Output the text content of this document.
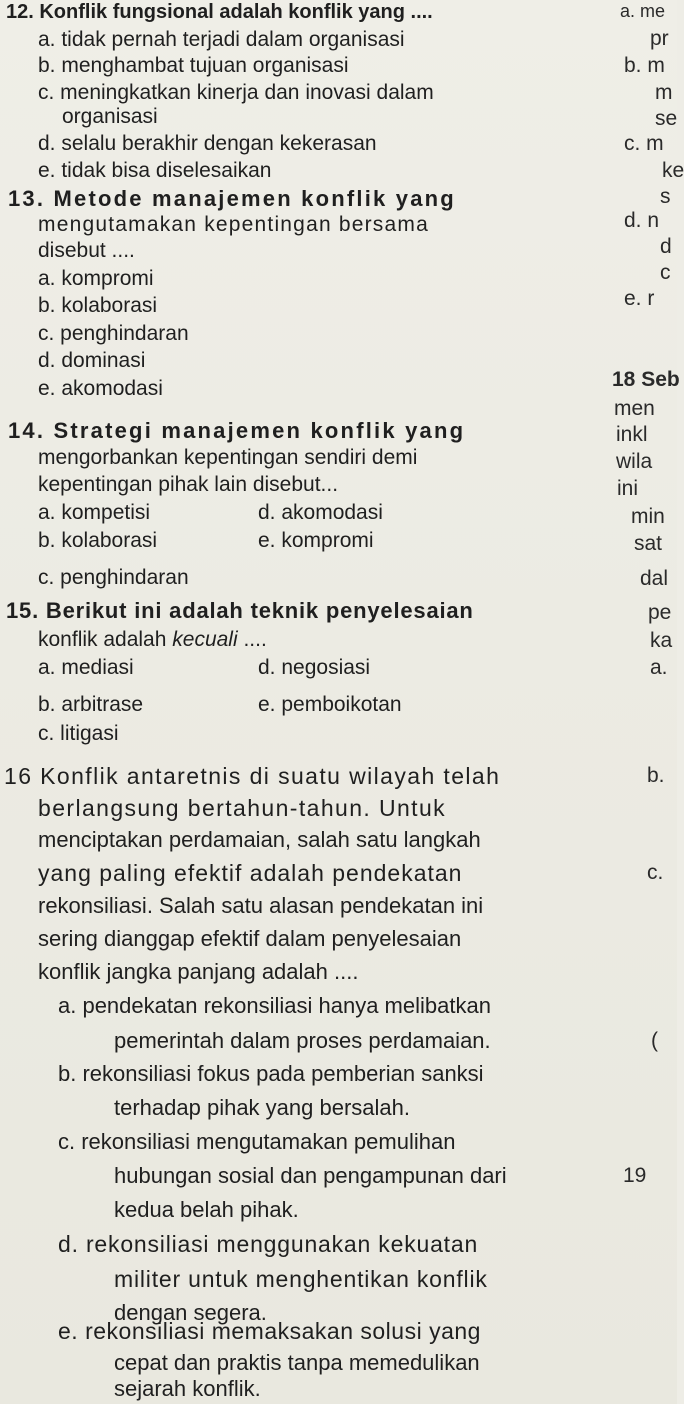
12. Konflik fungsional adalah konflik yang ....
a. tidak pernah terjadi dalam organisasi
b. menghambat tujuan organisasi
c. meningkatkan kinerja dan inovasi dalam
organisasi
d. selalu berakhir dengan kekerasan
e. tidak bisa diselesaikan
13. Metode manajemen konflik yang
mengutamakan kepentingan bersama
disebut ....
a. kompromi
b. kolaborasi
c. penghindaran
d. dominasi
e. akomodasi
14. Strategi manajemen konflik yang
mengorbankan kepentingan sendiri demi
kepentingan pihak lain disebut...
a. kompetisi	d. akomodasi
b. kolaborasi	e. kompromi
c. penghindaran
15. Berikut ini adalah teknik penyelesaian
konflik adalah kecuali ....
a. mediasi	d. negosiasi
b. arbitrase	e. pemboikotan
c. litigasi
16 Konflik antaretnis di suatu wilayah telah
berlangsung bertahun-tahun. Untuk
menciptakan perdamaian, salah satu langkah
yang paling efektif adalah pendekatan
rekonsiliasi. Salah satu alasan pendekatan ini
sering dianggap efektif dalam penyelesaian
konflik jangka panjang adalah ....
a. pendekatan rekonsiliasi hanya melibatkan
pemerintah dalam proses perdamaian.
b. rekonsiliasi fokus pada pemberian sanksi
terhadap pihak yang bersalah.
c. rekonsiliasi mengutamakan pemulihan
hubungan sosial dan pengampunan dari
kedua belah pihak.
d. rekonsiliasi menggunakan kekuatan
militer untuk menghentikan konflik
dengan segera.
e. rekonsiliasi memaksakan solusi yang
cepat dan praktis tanpa memedulikan
a. me
pr
b. m
m
se
c. m
ke
s
d. n
d
c
e. r
18 Seb
men
inkl
wila
ini
min
sat
dal
pe
ka
a.
b.
c.
(
19
sejarah konflik.
